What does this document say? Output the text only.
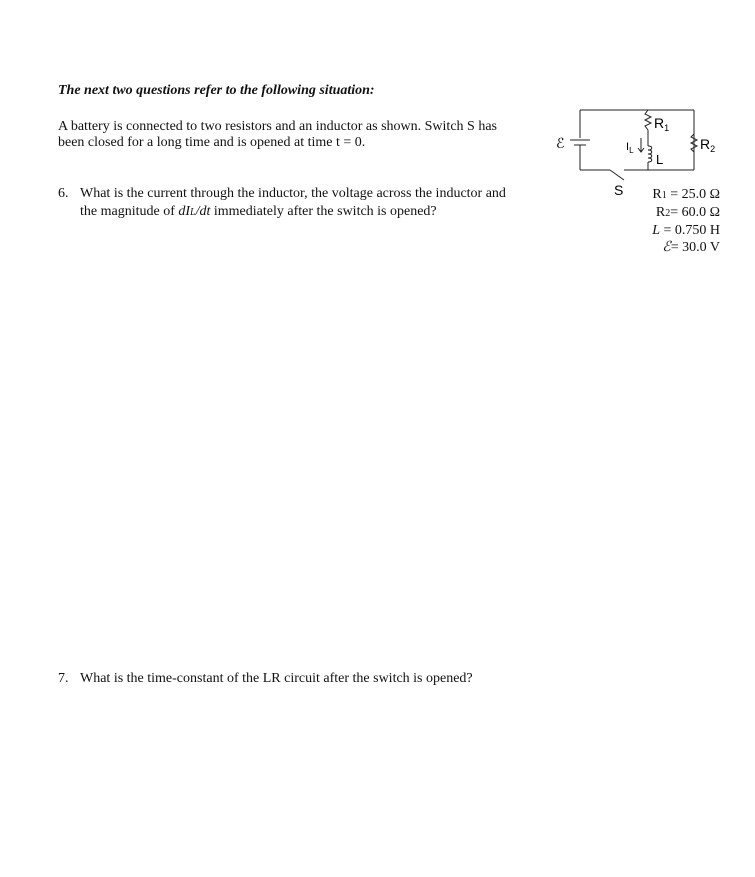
The next two questions refer to the following situation:

A battery is connected to two resistors and an inductor as shown. Switch S has

been closed for a long time and is opened at time t = 0.	ℰ
$R_1$
$R_2$
$I_L$
L
S	R1 = 25.0 Ω
R2= 60.0 Ω
L = 0.750 H
ℰ= 30.0 V
6. What is the current through the inductor, the voltage across the inductor and
the magnitude of dIL/dt immediately after the switch is opened?
7. What is the time-constant of the LR circuit after the switch is opened?
